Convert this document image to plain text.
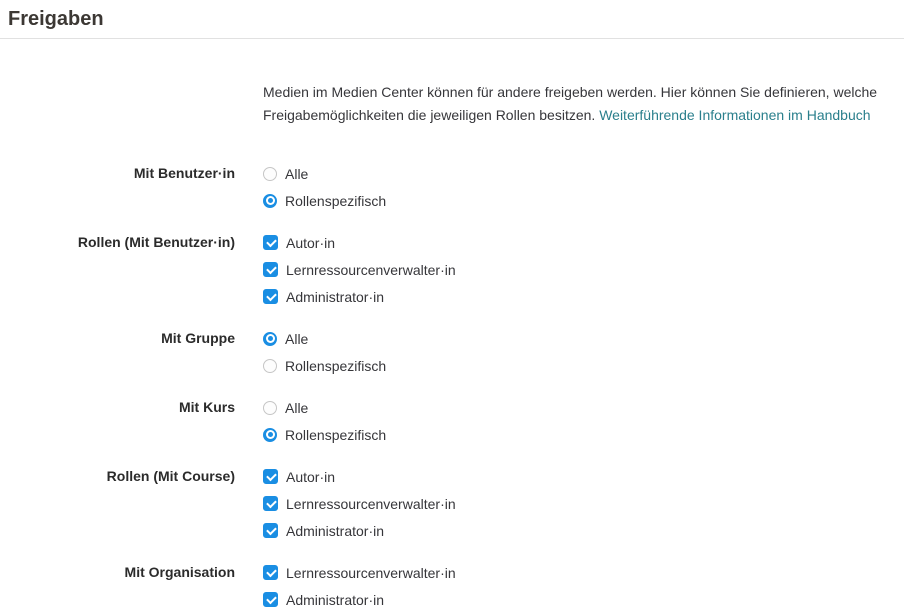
Freigaben
Medien im Medien Center können für andere freigeben werden. Hier können Sie definieren, welche Freigabemöglichkeiten die jeweiligen Rollen besitzen. Weiterführende Informationen im Handbuch
Mit Benutzer·in	Alle
Rollenspezifisch
Rollen (Mit Benutzer·in)	Autor·in
Lernressourcenverwalter·in
Administrator·in
Mit Gruppe	Alle
Rollenspezifisch
Mit Kurs	Alle
Rollenspezifisch
Rollen (Mit Course)	Autor·in
Lernressourcenverwalter·in
Administrator·in
Mit Organisation	Lernressourcenverwalter·in
Administrator·in
